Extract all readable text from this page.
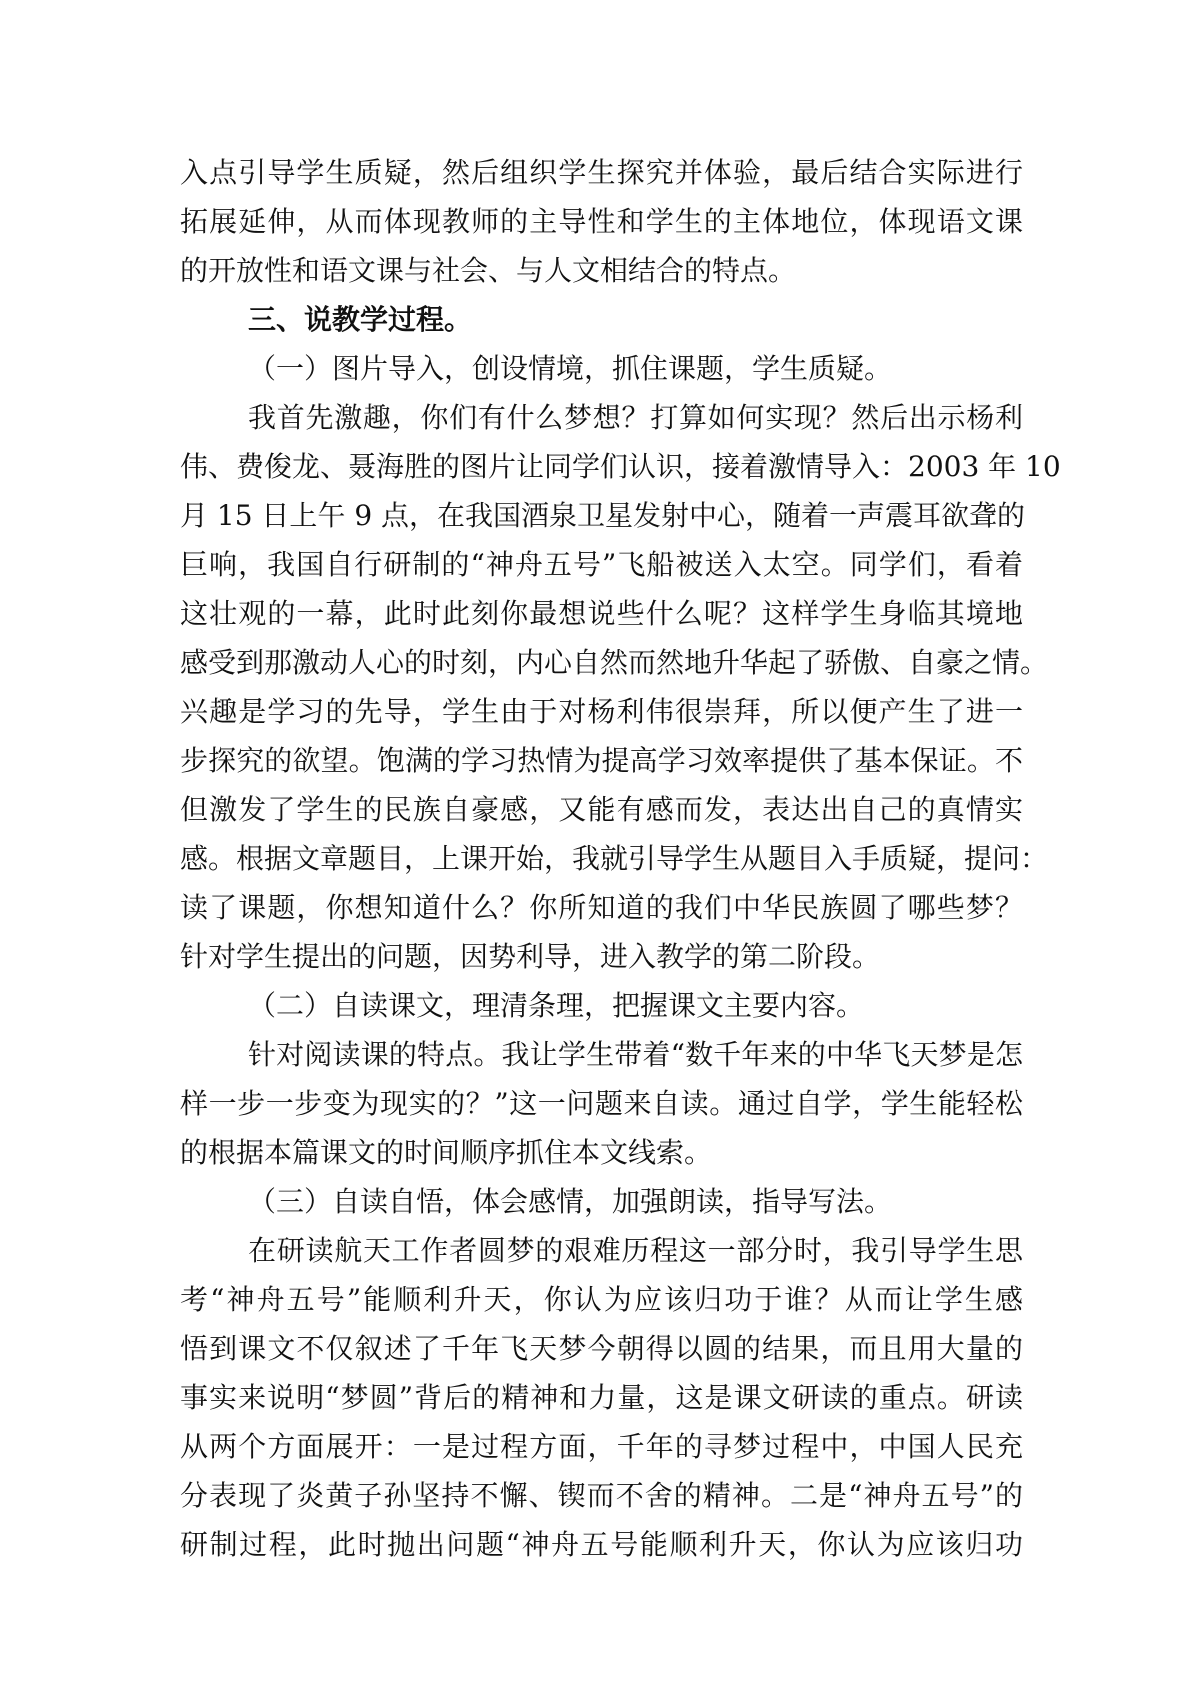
入点引导学生质疑，然后组织学生探究并体验，最后结合实际进行
拓展延伸，从而体现教师的主导性和学生的主体地位，体现语文课
的开放性和语文课与社会、与人文相结合的特点。
三、说教学过程。
（一）图片导入，创设情境，抓住课题，学生质疑。
我首先激趣，你们有什么梦想？打算如何实现？然后出示杨利
伟、费俊龙、聂海胜的图片让同学们认识，接着激情导入：2003 年 10
月 15 日上午 9 点，在我国酒泉卫星发射中心，随着一声震耳欲聋的
巨响，我国自行研制的“神舟五号”飞船被送入太空。同学们，看着
这壮观的一幕，此时此刻你最想说些什么呢？这样学生身临其境地
感受到那激动人心的时刻，内心自然而然地升华起了骄傲、自豪之情。
兴趣是学习的先导，学生由于对杨利伟很崇拜，所以便产生了进一
步探究的欲望。饱满的学习热情为提高学习效率提供了基本保证。不
但激发了学生的民族自豪感，又能有感而发，表达出自己的真情实
感。根据文章题目，上课开始，我就引导学生从题目入手质疑，提问：
读了课题，你想知道什么？你所知道的我们中华民族圆了哪些梦？
针对学生提出的问题，因势利导，进入教学的第二阶段。
（二）自读课文，理清条理，把握课文主要内容。
针对阅读课的特点。我让学生带着“数千年来的中华飞天梦是怎
样一步一步变为现实的？”这一问题来自读。通过自学，学生能轻松
的根据本篇课文的时间顺序抓住本文线索。
（三）自读自悟，体会感情，加强朗读，指导写法。
在研读航天工作者圆梦的艰难历程这一部分时，我引导学生思
考“神舟五号”能顺利升天，你认为应该归功于谁？从而让学生感
悟到课文不仅叙述了千年飞天梦今朝得以圆的结果，而且用大量的
事实来说明“梦圆”背后的精神和力量，这是课文研读的重点。研读
从两个方面展开：一是过程方面，千年的寻梦过程中，中国人民充
分表现了炎黄子孙坚持不懈、锲而不舍的精神。二是“神舟五号”的
研制过程，此时抛出问题“神舟五号能顺利升天，你认为应该归功
